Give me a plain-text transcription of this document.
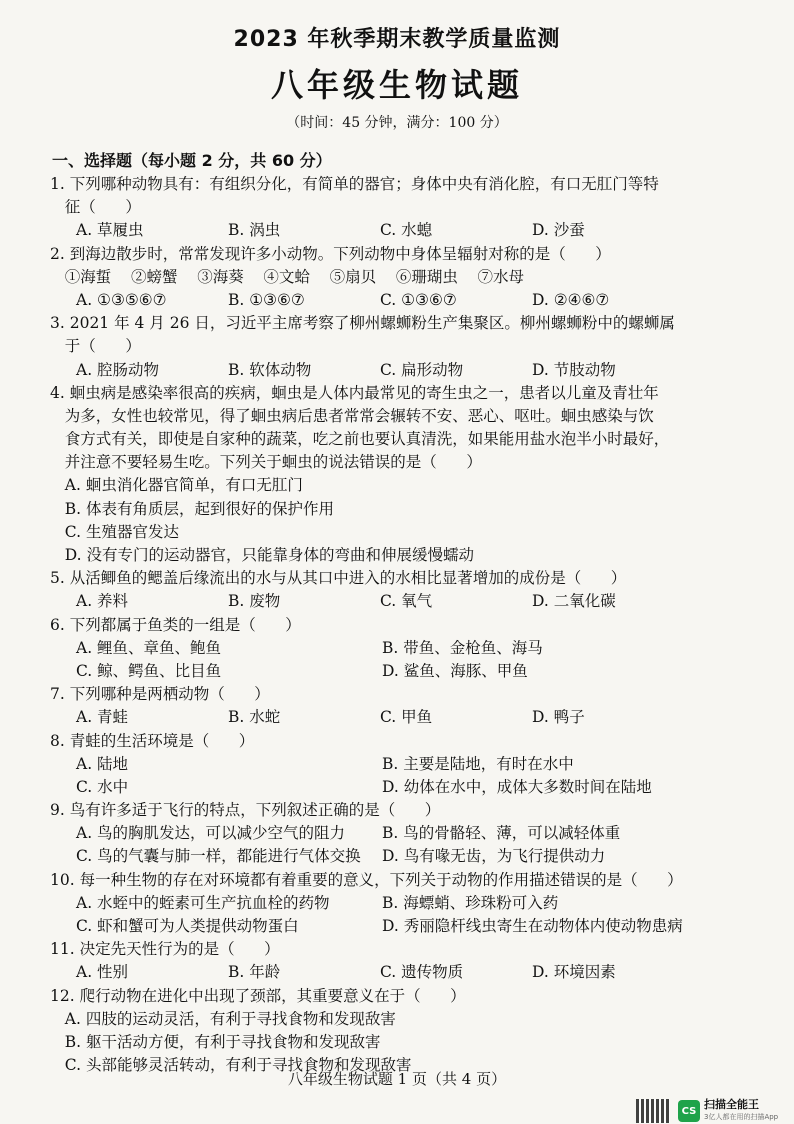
2023 年秋季期末教学质量监测
八年级生物试题
（时间：45 分钟，满分：100 分）
一、选择题（每小题 2 分，共 60 分）
1. 下列哪种动物具有：有组织分化，有简单的器官；身体中央有消化腔，有口无肛门等特
征（      ）
A. 草履虫	B. 涡虫	C. 水螅	D. 沙蚕
2. 到海边散步时，常常发现许多小动物。下列动物中身体呈辐射对称的是（      ）
①海蜇    ②螃蟹    ③海葵    ④文蛤    ⑤扇贝    ⑥珊瑚虫    ⑦水母
A. ①③⑤⑥⑦	B. ①③⑥⑦	C. ①③⑥⑦	D. ②④⑥⑦
3. 2021 年 4 月 26 日，习近平主席考察了柳州螺蛳粉生产集聚区。柳州螺蛳粉中的螺蛳属
于（      ）
A. 腔肠动物	B. 软体动物	C. 扁形动物	D. 节肢动物
4. 蛔虫病是感染率很高的疾病，蛔虫是人体内最常见的寄生虫之一，患者以儿童及青壮年
为多，女性也较常见，得了蛔虫病后患者常常会辗转不安、恶心、呕吐。蛔虫感染与饮
食方式有关，即使是自家种的蔬菜，吃之前也要认真清洗，如果能用盐水泡半小时最好，
并注意不要轻易生吃。下列关于蛔虫的说法错误的是（      ）
A. 蛔虫消化器官简单，有口无肛门
B. 体表有角质层，起到很好的保护作用
C. 生殖器官发达
D. 没有专门的运动器官，只能靠身体的弯曲和伸展缓慢蠕动
5. 从活鲫鱼的鳃盖后缘流出的水与从其口中进入的水相比显著增加的成份是（      ）
A. 养料	B. 废物	C. 氧气	D. 二氧化碳
6. 下列都属于鱼类的一组是（      ）
A. 鲤鱼、章鱼、鲍鱼	B. 带鱼、金枪鱼、海马
C. 鲸、鳄鱼、比目鱼	D. 鲨鱼、海豚、甲鱼
7. 下列哪种是两栖动物（      ）
A. 青蛙	B. 水蛇	C. 甲鱼	D. 鸭子
8. 青蛙的生活环境是（      ）
A. 陆地	B. 主要是陆地，有时在水中
C. 水中	D. 幼体在水中，成体大多数时间在陆地
9. 鸟有许多适于飞行的特点，下列叙述正确的是（      ）
A. 鸟的胸肌发达，可以减少空气的阻力	B. 鸟的骨骼轻、薄，可以减轻体重
C. 鸟的气囊与肺一样，都能进行气体交换	D. 鸟有喙无齿，为飞行提供动力
10. 每一种生物的存在对环境都有着重要的意义，下列关于动物的作用描述错误的是（      ）
A. 水蛭中的蛭素可生产抗血栓的药物	B. 海螵蛸、珍珠粉可入药
C. 虾和蟹可为人类提供动物蛋白	D. 秀丽隐杆线虫寄生在动物体内使动物患病
11. 决定先天性行为的是（      ）
A. 性别	B. 年龄	C. 遗传物质	D. 环境因素
12. 爬行动物在进化中出现了颈部，其重要意义在于（      ）
A. 四肢的运动灵活，有利于寻找食物和发现敌害
B. 躯干活动方便，有利于寻找食物和发现敌害
C. 头部能够灵活转动，有利于寻找食物和发现敌害
八年级生物试题 1 页（共 4 页）
CS 扫描全能王
3亿人都在用的扫描App
